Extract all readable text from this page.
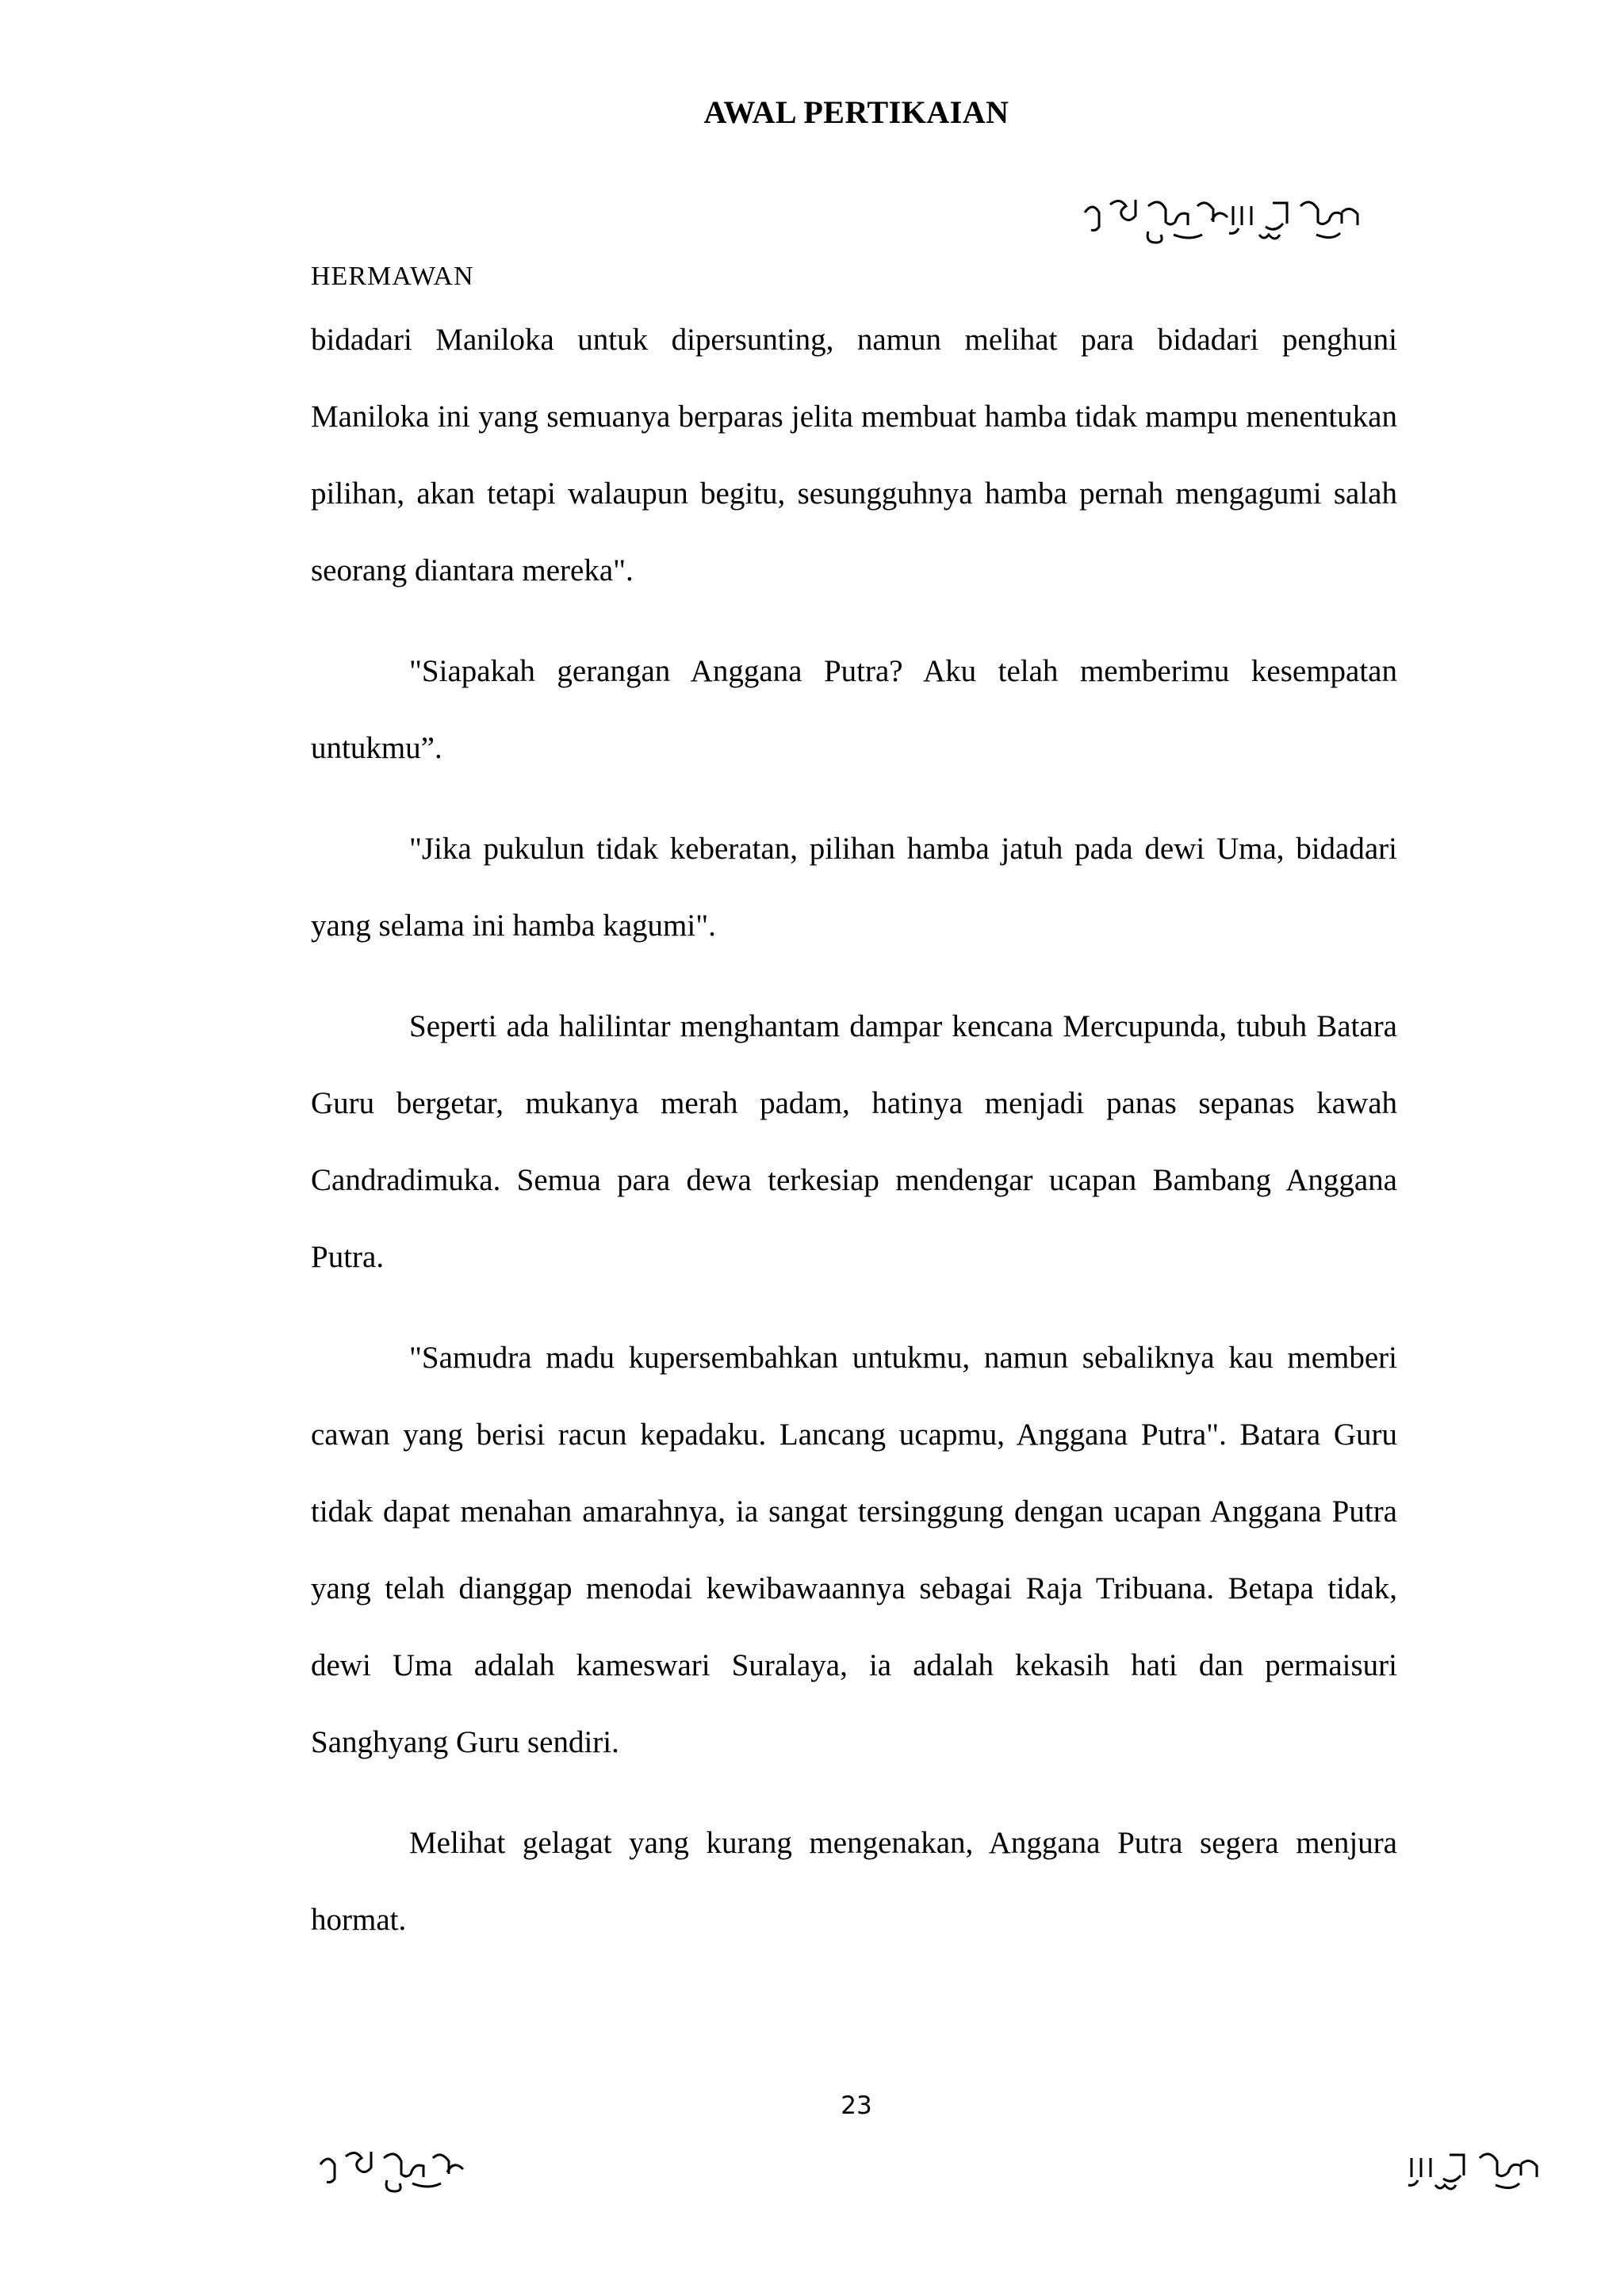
AWAL PERTIKAIAN
HERMAWAN

bidadari Maniloka untuk dipersunting, namun melihat para bidadari penghuni Maniloka ini yang semuanya berparas jelita membuat hamba tidak mampu menentukan pilihan, akan tetapi walaupun begitu, sesungguhnya hamba pernah mengagumi salah seorang diantara mereka".

"Siapakah gerangan Anggana Putra? Aku telah memberimu kesempatan untukmu”.

"Jika pukulun tidak keberatan, pilihan hamba jatuh pada dewi Uma, bidadari yang selama ini hamba kagumi".

Seperti ada halilintar menghantam dampar kencana Mercupunda, tubuh Batara Guru bergetar, mukanya merah padam, hatinya menjadi panas sepanas kawah Candradimuka. Semua para dewa terkesiap mendengar ucapan Bambang Anggana Putra.

"Samudra madu kupersembahkan untukmu, namun sebaliknya kau memberi cawan yang berisi racun kepadaku. Lancang ucapmu, Anggana Putra". Batara Guru tidak dapat menahan amarahnya, ia sangat tersinggung dengan ucapan Anggana Putra yang telah dianggap menodai kewibawaannya sebagai Raja Tribuana. Betapa tidak, dewi Uma adalah kameswari Suralaya, ia adalah kekasih hati dan permaisuri Sanghyang Guru sendiri.

Melihat gelagat yang kurang mengenakan, Anggana Putra segera menjura hormat.

23
